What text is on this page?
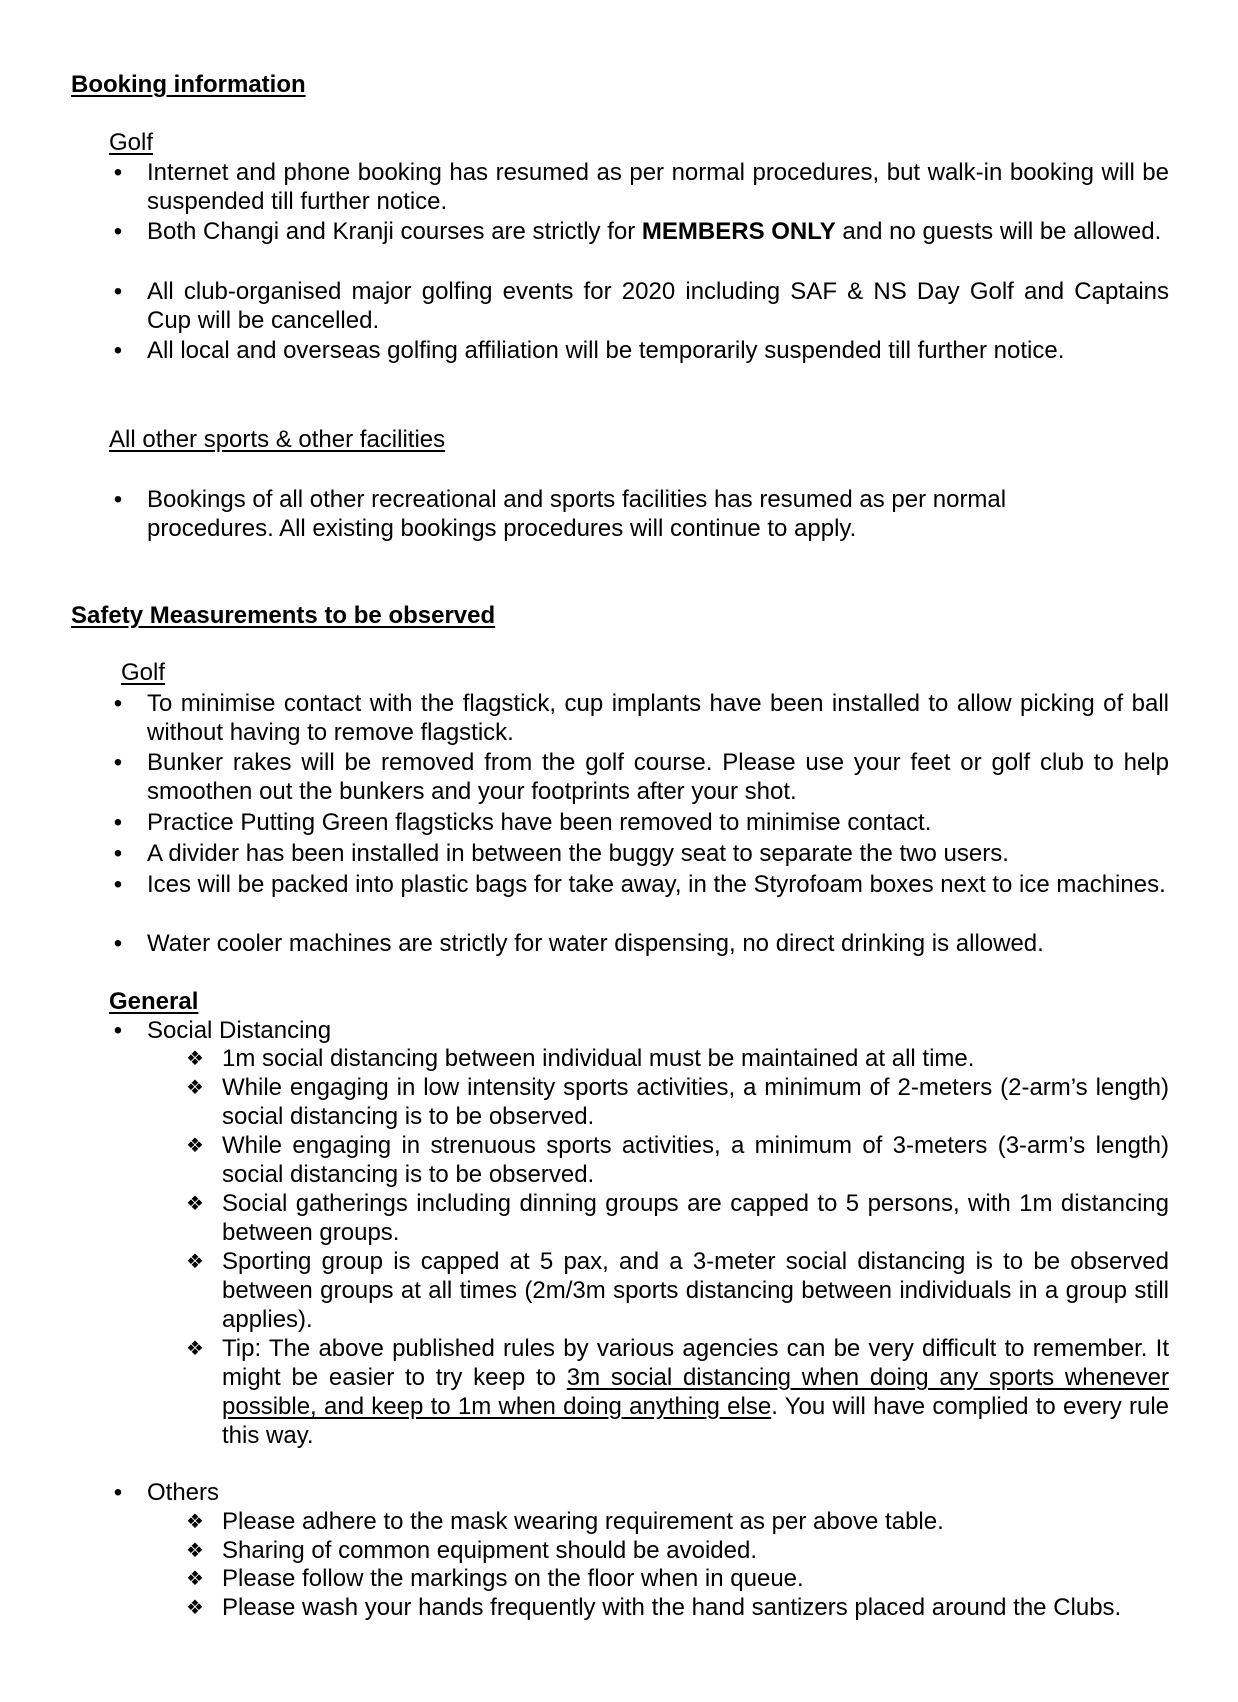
Booking information
Golf
• Internet and phone booking has resumed as per normal procedures, but walk-in booking will be suspended till further notice.
• Both Changi and Kranji courses are strictly for MEMBERS ONLY and no guests will be allowed.
• All club-organised major golfing events for 2020 including SAF & NS Day Golf and Captains Cup will be cancelled.
• All local and overseas golfing affiliation will be temporarily suspended till further notice.
All other sports & other facilities
• Bookings of all other recreational and sports facilities has resumed as per normal procedures. All existing bookings procedures will continue to apply.
Safety Measurements to be observed
Golf
• To minimise contact with the flagstick, cup implants have been installed to allow picking of ball without having to remove flagstick.
• Bunker rakes will be removed from the golf course. Please use your feet or golf club to help smoothen out the bunkers and your footprints after your shot.
• Practice Putting Green flagsticks have been removed to minimise contact.
• A divider has been installed in between the buggy seat to separate the two users.
• Ices will be packed into plastic bags for take away, in the Styrofoam boxes next to ice machines.
• Water cooler machines are strictly for water dispensing, no direct drinking is allowed.
General
• Social Distancing
❖ 1m social distancing between individual must be maintained at all time.
❖ While engaging in low intensity sports activities, a minimum of 2-meters (2-arm’s length) social distancing is to be observed.
❖ While engaging in strenuous sports activities, a minimum of 3-meters (3-arm’s length) social distancing is to be observed.
❖ Social gatherings including dinning groups are capped to 5 persons, with 1m distancing between groups.
❖ Sporting group is capped at 5 pax, and a 3-meter social distancing is to be observed between groups at all times (2m/3m sports distancing between individuals in a group still applies).
❖ Tip: The above published rules by various agencies can be very difficult to remember. It might be easier to try keep to 3m social distancing when doing any sports whenever possible, and keep to 1m when doing anything else. You will have complied to every rule this way.
• Others
❖ Please adhere to the mask wearing requirement as per above table.
❖ Sharing of common equipment should be avoided.
❖ Please follow the markings on the floor when in queue.
❖ Please wash your hands frequently with the hand santizers placed around the Clubs.
